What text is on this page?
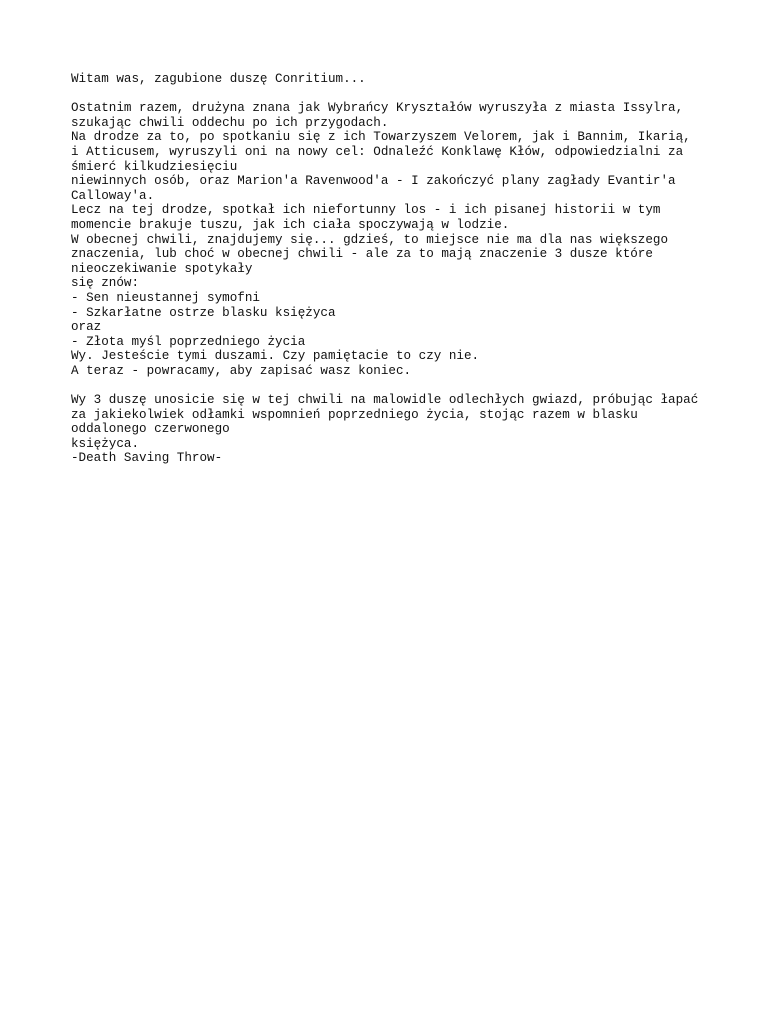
Witam was, zagubione duszę Conritium...
Ostatnim razem, drużyna znana jak Wybrańcy Kryształów wyruszyła z miasta Issylra,
szukając chwili oddechu po ich przygodach.
Na drodze za to, po spotkaniu się z ich Towarzyszem Velorem, jak i Bannim, Ikarią,
i Atticusem, wyruszyli oni na nowy cel: Odnaleźć Konklawę Kłów, odpowiedzialni za
śmierć kilkudziesięciu
niewinnych osób, oraz Marion'a Ravenwood'a - I zakończyć plany zagłady Evantir'a
Calloway'a.
Lecz na tej drodze, spotkał ich niefortunny los - i ich pisanej historii w tym
momencie brakuje tuszu, jak ich ciała spoczywają w lodzie.
W obecnej chwili, znajdujemy się... gdzieś, to miejsce nie ma dla nas większego
znaczenia, lub choć w obecnej chwili - ale za to mają znaczenie 3 dusze które
nieoczekiwanie spotykały
się znów:
- Sen nieustannej symofni
- Szkarłatne ostrze blasku księżyca
oraz
- Złota myśl poprzedniego życia
Wy. Jesteście tymi duszami. Czy pamiętacie to czy nie.
A teraz - powracamy, aby zapisać wasz koniec.
Wy 3 duszę unosicie się w tej chwili na malowidle odlechłych gwiazd, próbując łapać
za jakiekolwiek odłamki wspomnień poprzedniego życia, stojąc razem w blasku
oddalonego czerwonego
księżyca.
-Death Saving Throw-
